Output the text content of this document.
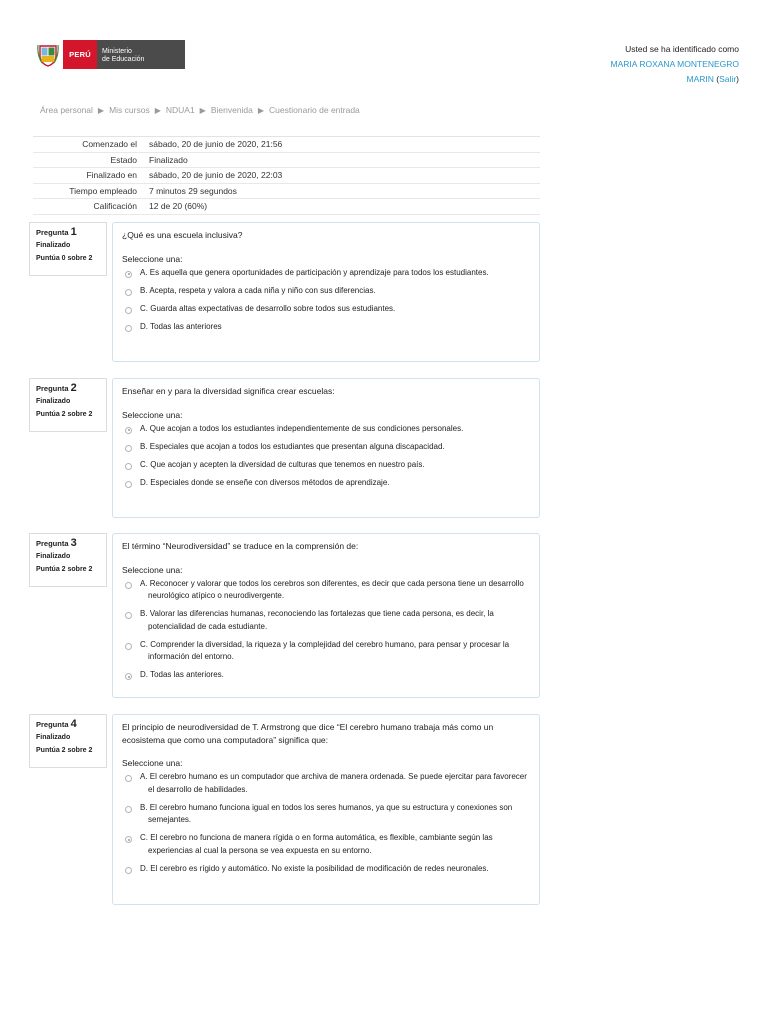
PERÚ	Ministerio
de Educación
Usted se ha identificado como
MARIA ROXANA MONTENEGRO
MARIN (Salir)
Área personal ▶ Mis cursos ▶ NDUA1 ▶ Bienvenida ▶ Cuestionario de entrada
Comenzado el	sábado, 20 de junio de 2020, 21:56
Estado	Finalizado
Finalizado en	sábado, 20 de junio de 2020, 22:03
Tiempo empleado	7 minutos 29 segundos
Calificación	12 de 20 (60%)
Pregunta 1
Finalizado
Puntúa 0 sobre 2
¿Qué es una escuela inclusiva?
Seleccione una:
A. Es aquella que genera oportunidades de participación y aprendizaje para todos los estudiantes.
B. Acepta, respeta y valora a cada niña y niño con sus diferencias.
C. Guarda altas expectativas de desarrollo sobre todos sus estudiantes.
D. Todas las anteriores
Pregunta 2
Finalizado
Puntúa 2 sobre 2
Enseñar en y para la diversidad significa crear escuelas:
Seleccione una:
A. Que acojan a todos los estudiantes independientemente de sus condiciones personales.
B. Especiales que acojan a todos los estudiantes que presentan alguna discapacidad.
C. Que acojan y acepten la diversidad de culturas que tenemos en nuestro país.
D. Especiales donde se enseñe con diversos métodos de aprendizaje.
Pregunta 3
Finalizado
Puntúa 2 sobre 2
El término “Neurodiversidad” se traduce en la comprensión de:
Seleccione una:
A. Reconocer y valorar que todos los cerebros son diferentes, es decir que cada persona tiene un desarrollo neurológico atípico o neurodivergente.
B. Valorar las diferencias humanas, reconociendo las fortalezas que tiene cada persona, es decir, la potencialidad de cada estudiante.
C. Comprender la diversidad, la riqueza y la complejidad del cerebro humano, para pensar y procesar la información del entorno.
D. Todas las anteriores.
Pregunta 4
Finalizado
Puntúa 2 sobre 2
El principio de neurodiversidad de T. Armstrong que dice “El cerebro humano trabaja más como un ecosistema que como una computadora” significa que:
Seleccione una:
A. El cerebro humano es un computador que archiva de manera ordenada. Se puede ejercitar para favorecer el desarrollo de habilidades.
B. El cerebro humano funciona igual en todos los seres humanos, ya que su estructura y conexiones son semejantes.
C. El cerebro no funciona de manera rígida o en forma automática, es flexible, cambiante según las experiencias al cual la persona se vea expuesta en su entorno.
D. El cerebro es rígido y automático. No existe la posibilidad de modificación de redes neuronales.
